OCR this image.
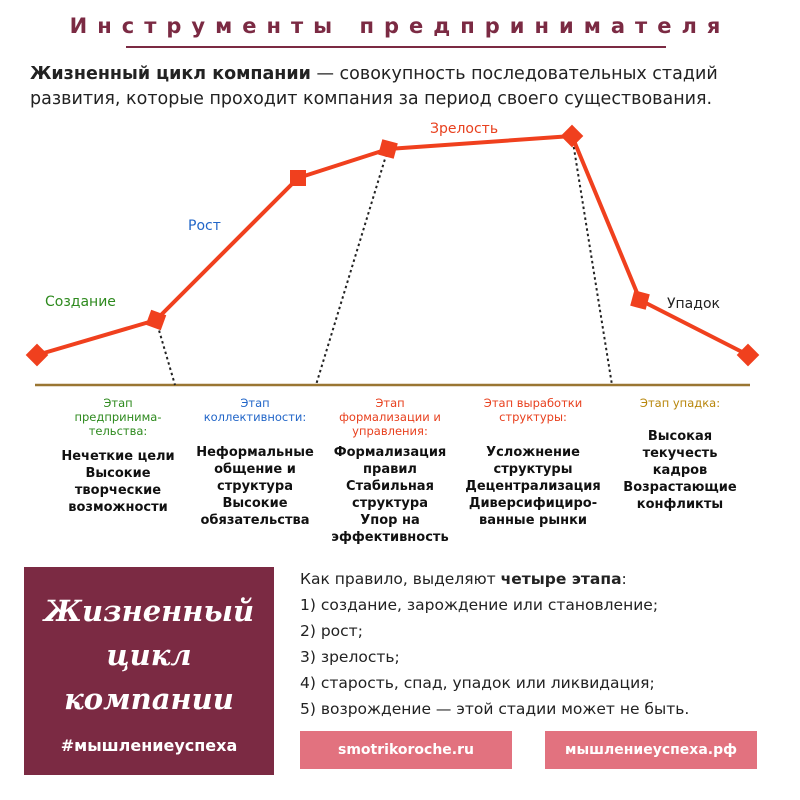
Инструменты предпринимателя
Жизненный цикл компании — совокупность последовательных стадий развития, которые проходит компания за период своего существования.
Создание
Рост
Зрелость
Упадок
Этап
предпринима-
тельства:
Нечеткие цели
Высокие
творческие
возможности
Этап
коллективности:
Неформальные
общение и
структура
Высокие
обязательства
Этап
формализации и
управления:
Формализация
правил
Стабильная
структура
Упор на
эффективность
Этап выработки
структуры:
Усложнение
структуры
Децентрализация
Диверсифициро-
ванные рынки
Этап упадка:
Высокая
текучесть
кадров
Возрастающие
конфликты
Жизненный
цикл
компании
#мышлениеуспеха
Как правило, выделяют четыре этапа:
1) создание, зарождение или становление;
2) рост;
3) зрелость;
4) старость, спад, упадок или ликвидация;
5) возрождение — этой стадии может не быть.
smotrikoroche.ru	мышлениеуспеха.рф
